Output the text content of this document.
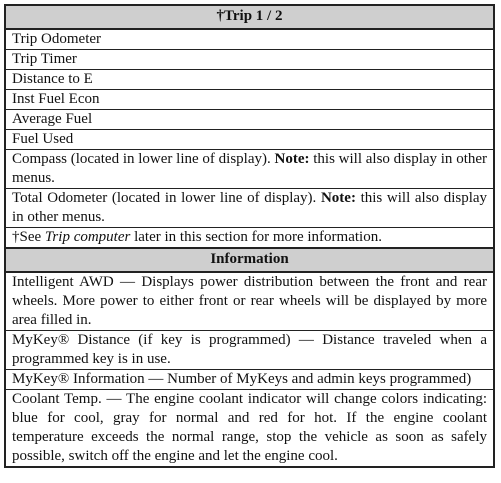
†Trip 1 / 2
Trip Odometer
Trip Timer
Distance to E
Inst Fuel Econ
Average Fuel
Fuel Used
Compass (located in lower line of display). Note: this will also display in other menus.
Total Odometer (located in lower line of display). Note: this will also display in other menus.
†See Trip computer later in this section for more information.
Information
Intelligent AWD — Displays power distribution between the front and rear wheels. More power to either front or rear wheels will be displayed by more area filled in.
MyKey® Distance (if key is programmed) — Distance traveled when a programmed key is in use.
MyKey® Information — Number of MyKeys and admin keys programmed)
Coolant Temp. — The engine coolant indicator will change colors indicating: blue for cool, gray for normal and red for hot. If the engine coolant temperature exceeds the normal range, stop the vehicle as soon as safely possible, switch off the engine and let the engine cool.
